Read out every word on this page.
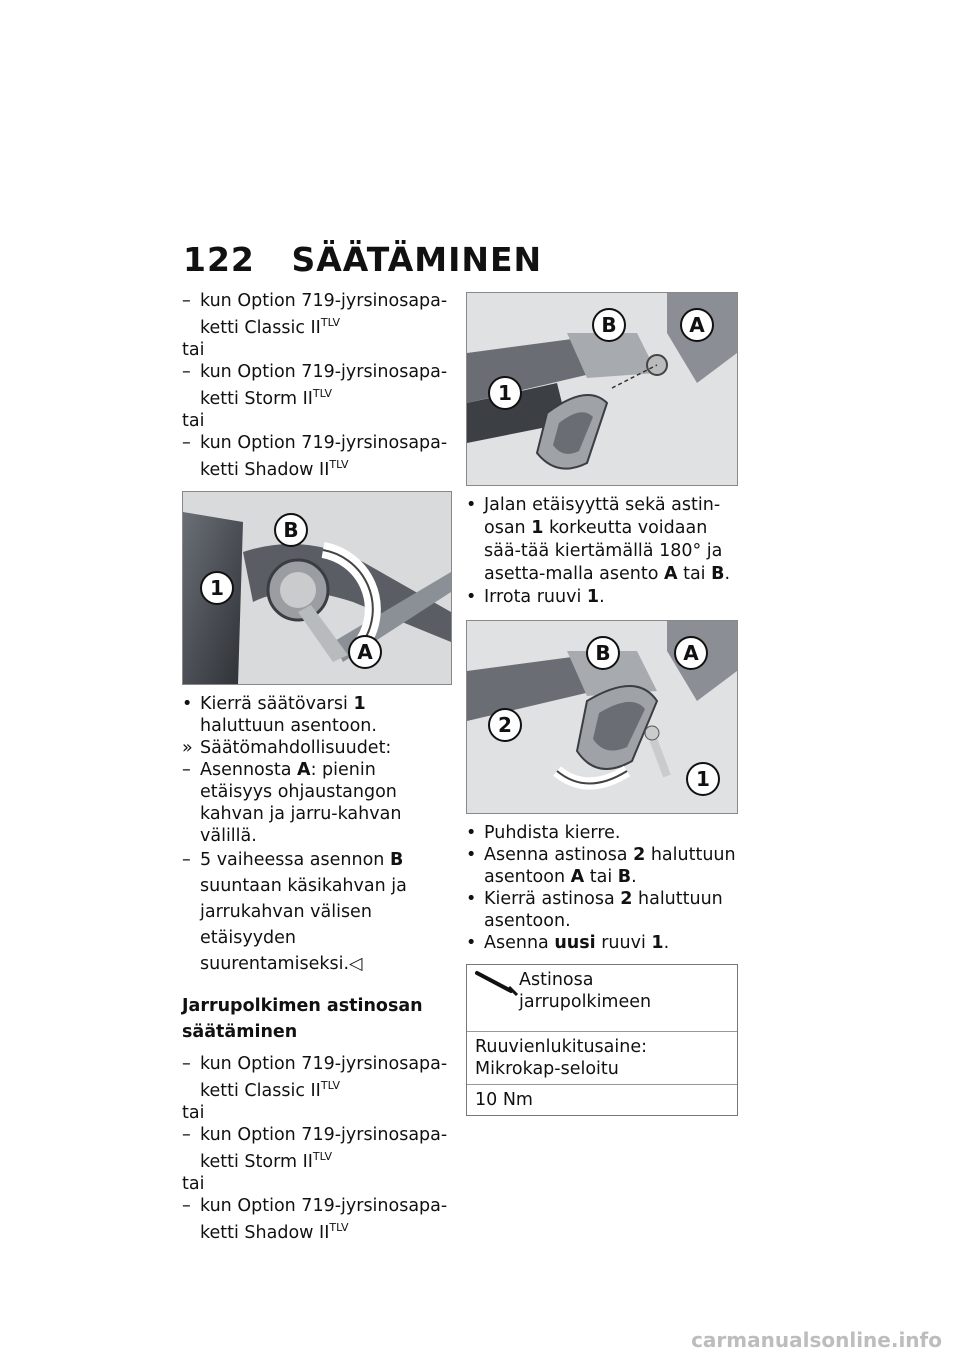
122 SÄÄTÄMINEN
– kun Option 719-jyrsinosapa-ketti Classic $II^{TLV}$
tai
– kun Option 719-jyrsinosapa-ketti Storm $II^{TLV}$
tai
– kun Option 719-jyrsinosapa-ketti Shadow $II^{TLV}$
B
1
A
• Kierrä säätövarsi 1 haluttuun asentoon.
» Säätömahdollisuudet:
– Asennosta A: pienin etäisyys ohjaustangon kahvan ja jarru-kahvan välillä.
– 5 vaiheessa asennon B suuntaan käsikahvan ja jarrukahvan välisen etäisyyden suurentamiseksi.◁
Jarrupolkimen astinosan säätäminen
– kun Option 719-jyrsinosapa-ketti Classic $II^{TLV}$
tai
– kun Option 719-jyrsinosapa-ketti Storm $II^{TLV}$
tai
– kun Option 719-jyrsinosapa-ketti Shadow $II^{TLV}$
B	A
1
• Jalan etäisyyttä sekä astin-osan 1 korkeutta voidaan sää-tää kiertämällä 180° ja asetta-malla asento A tai B.
• Irrota ruuvi 1.
B	A
2
1
• Puhdista kierre.
• Asenna astinosa 2 haluttuun asentoon A tai B.
• Kierrä astinosa 2 haluttuun asentoon.
• Asenna uusi ruuvi 1.
Astinosa jarrupolkimeen
Ruuvienlukitusaine: Mikrokap-seloitu
10 Nm
carmanualsonline.info
